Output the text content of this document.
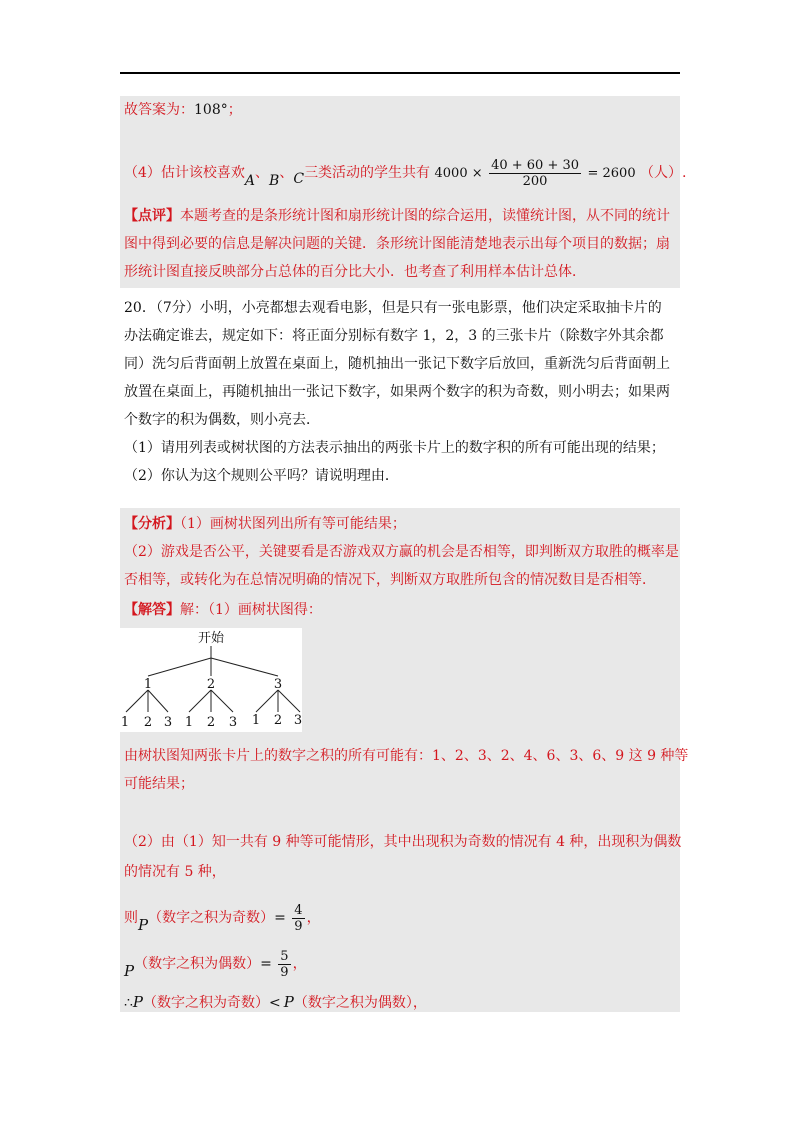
故答案为：108°；
（4）估计该校喜欢A、B、C三类活动的学生共有 $4000 \times \frac{40 + 60 + 30}{200} = 2600$ （人）.
【点评】本题考查的是条形统计图和扇形统计图的综合运用，读懂统计图，从不同的统计
图中得到必要的信息是解决问题的关键．条形统计图能清楚地表示出每个项目的数据；扇
形统计图直接反映部分占总体的百分比大小．也考查了利用样本估计总体．
20．（7分）小明，小亮都想去观看电影，但是只有一张电影票，他们决定采取抽卡片的
办法确定谁去，规定如下：将正面分别标有数字 1，2，3 的三张卡片（除数字外其余都
同）洗匀后背面朝上放置在桌面上，随机抽出一张记下数字后放回，重新洗匀后背面朝上
放置在桌面上，再随机抽出一张记下数字，如果两个数字的积为奇数，则小明去；如果两
个数字的积为偶数，则小亮去．
（1）请用列表或树状图的方法表示抽出的两张卡片上的数字积的所有可能出现的结果；
（2）你认为这个规则公平吗？请说明理由．
【分析】（1）画树状图列出所有等可能结果；
（2）游戏是否公平，关键要看是否游戏双方赢的机会是否相等，即判断双方取胜的概率是
否相等，或转化为在总情况明确的情况下，判断双方取胜所包含的情况数目是否相等．
【解答】解：（1）画树状图得：
开始
1	2	3
1 2 3 1 2 3 1 2 3
由树状图知两张卡片上的数字之积的所有可能有：1、2、3、2、4、6、3、6、9 这 9 种等
可能结果；
（2）由（1）知一共有 9 种等可能情形，其中出现积为奇数的情况有 4 种，出现积为偶数
的情况有 5 种，
则P（数字之积为奇数）= $\frac{4}{9}$ ，
P（数字之积为偶数）= $\frac{5}{9}$ ，
∴P（数字之积为奇数）< P（数字之积为偶数），
